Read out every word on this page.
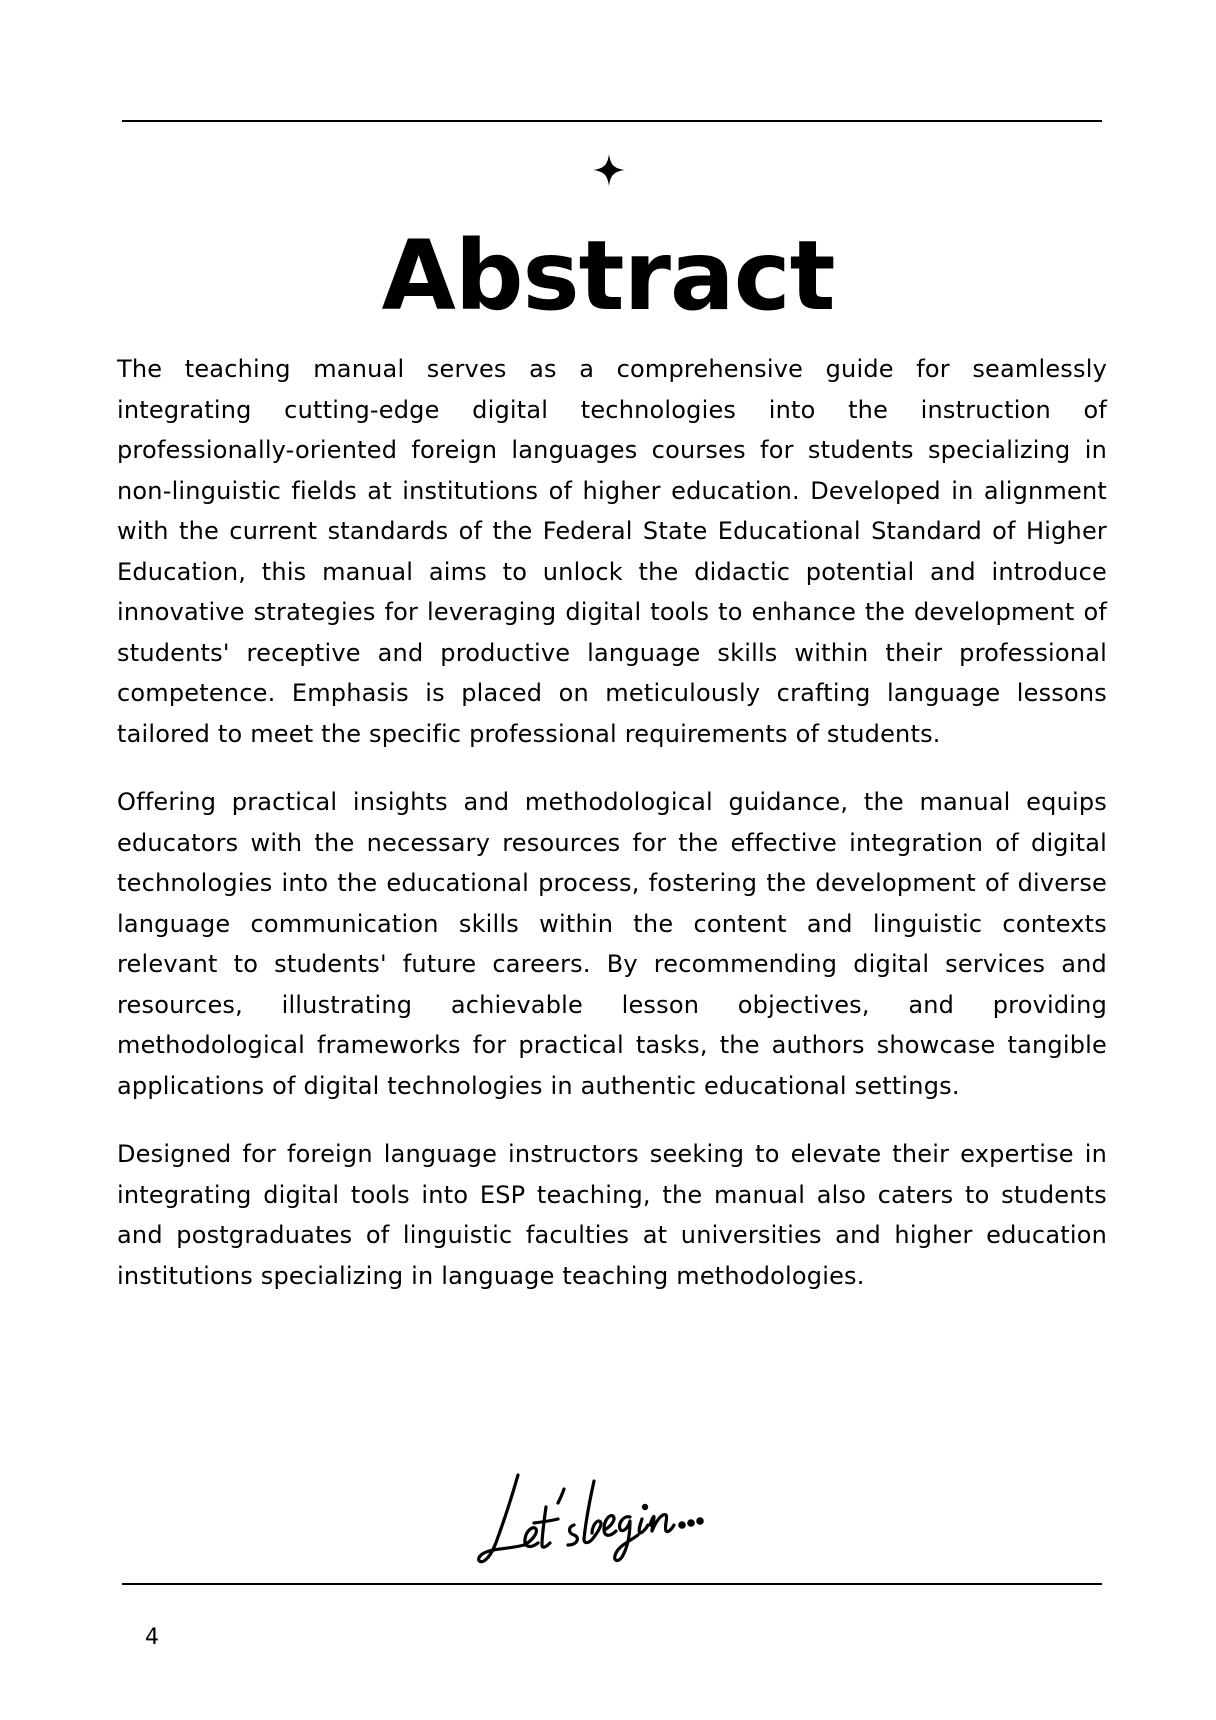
Abstract

The teaching manual serves as a comprehensive guide for seamlessly integrating cutting-edge digital technologies into the instruction of professionally-oriented foreign languages courses for students specializing in non-linguistic fields at institutions of higher education. Developed in alignment with the current standards of the Federal State Educational Standard of Higher Education, this manual aims to unlock the didactic potential and introduce innovative strategies for leveraging digital tools to enhance the development of students' receptive and productive language skills within their professional competence. Emphasis is placed on meticulously crafting language lessons tailored to meet the specific professional requirements of students.

Offering practical insights and methodological guidance, the manual equips educators with the necessary resources for the effective integration of digital technologies into the educational process, fostering the development of diverse language communication skills within the content and linguistic contexts relevant to students' future careers. By recommending digital services and resources, illustrating achievable lesson objectives, and providing methodological frameworks for practical tasks, the authors showcase tangible applications of digital technologies in authentic educational settings.

Designed for foreign language instructors seeking to elevate their expertise in integrating digital tools into ESP teaching, the manual also caters to students and postgraduates of linguistic faculties at universities and higher education institutions specializing in language teaching methodologies.

4
